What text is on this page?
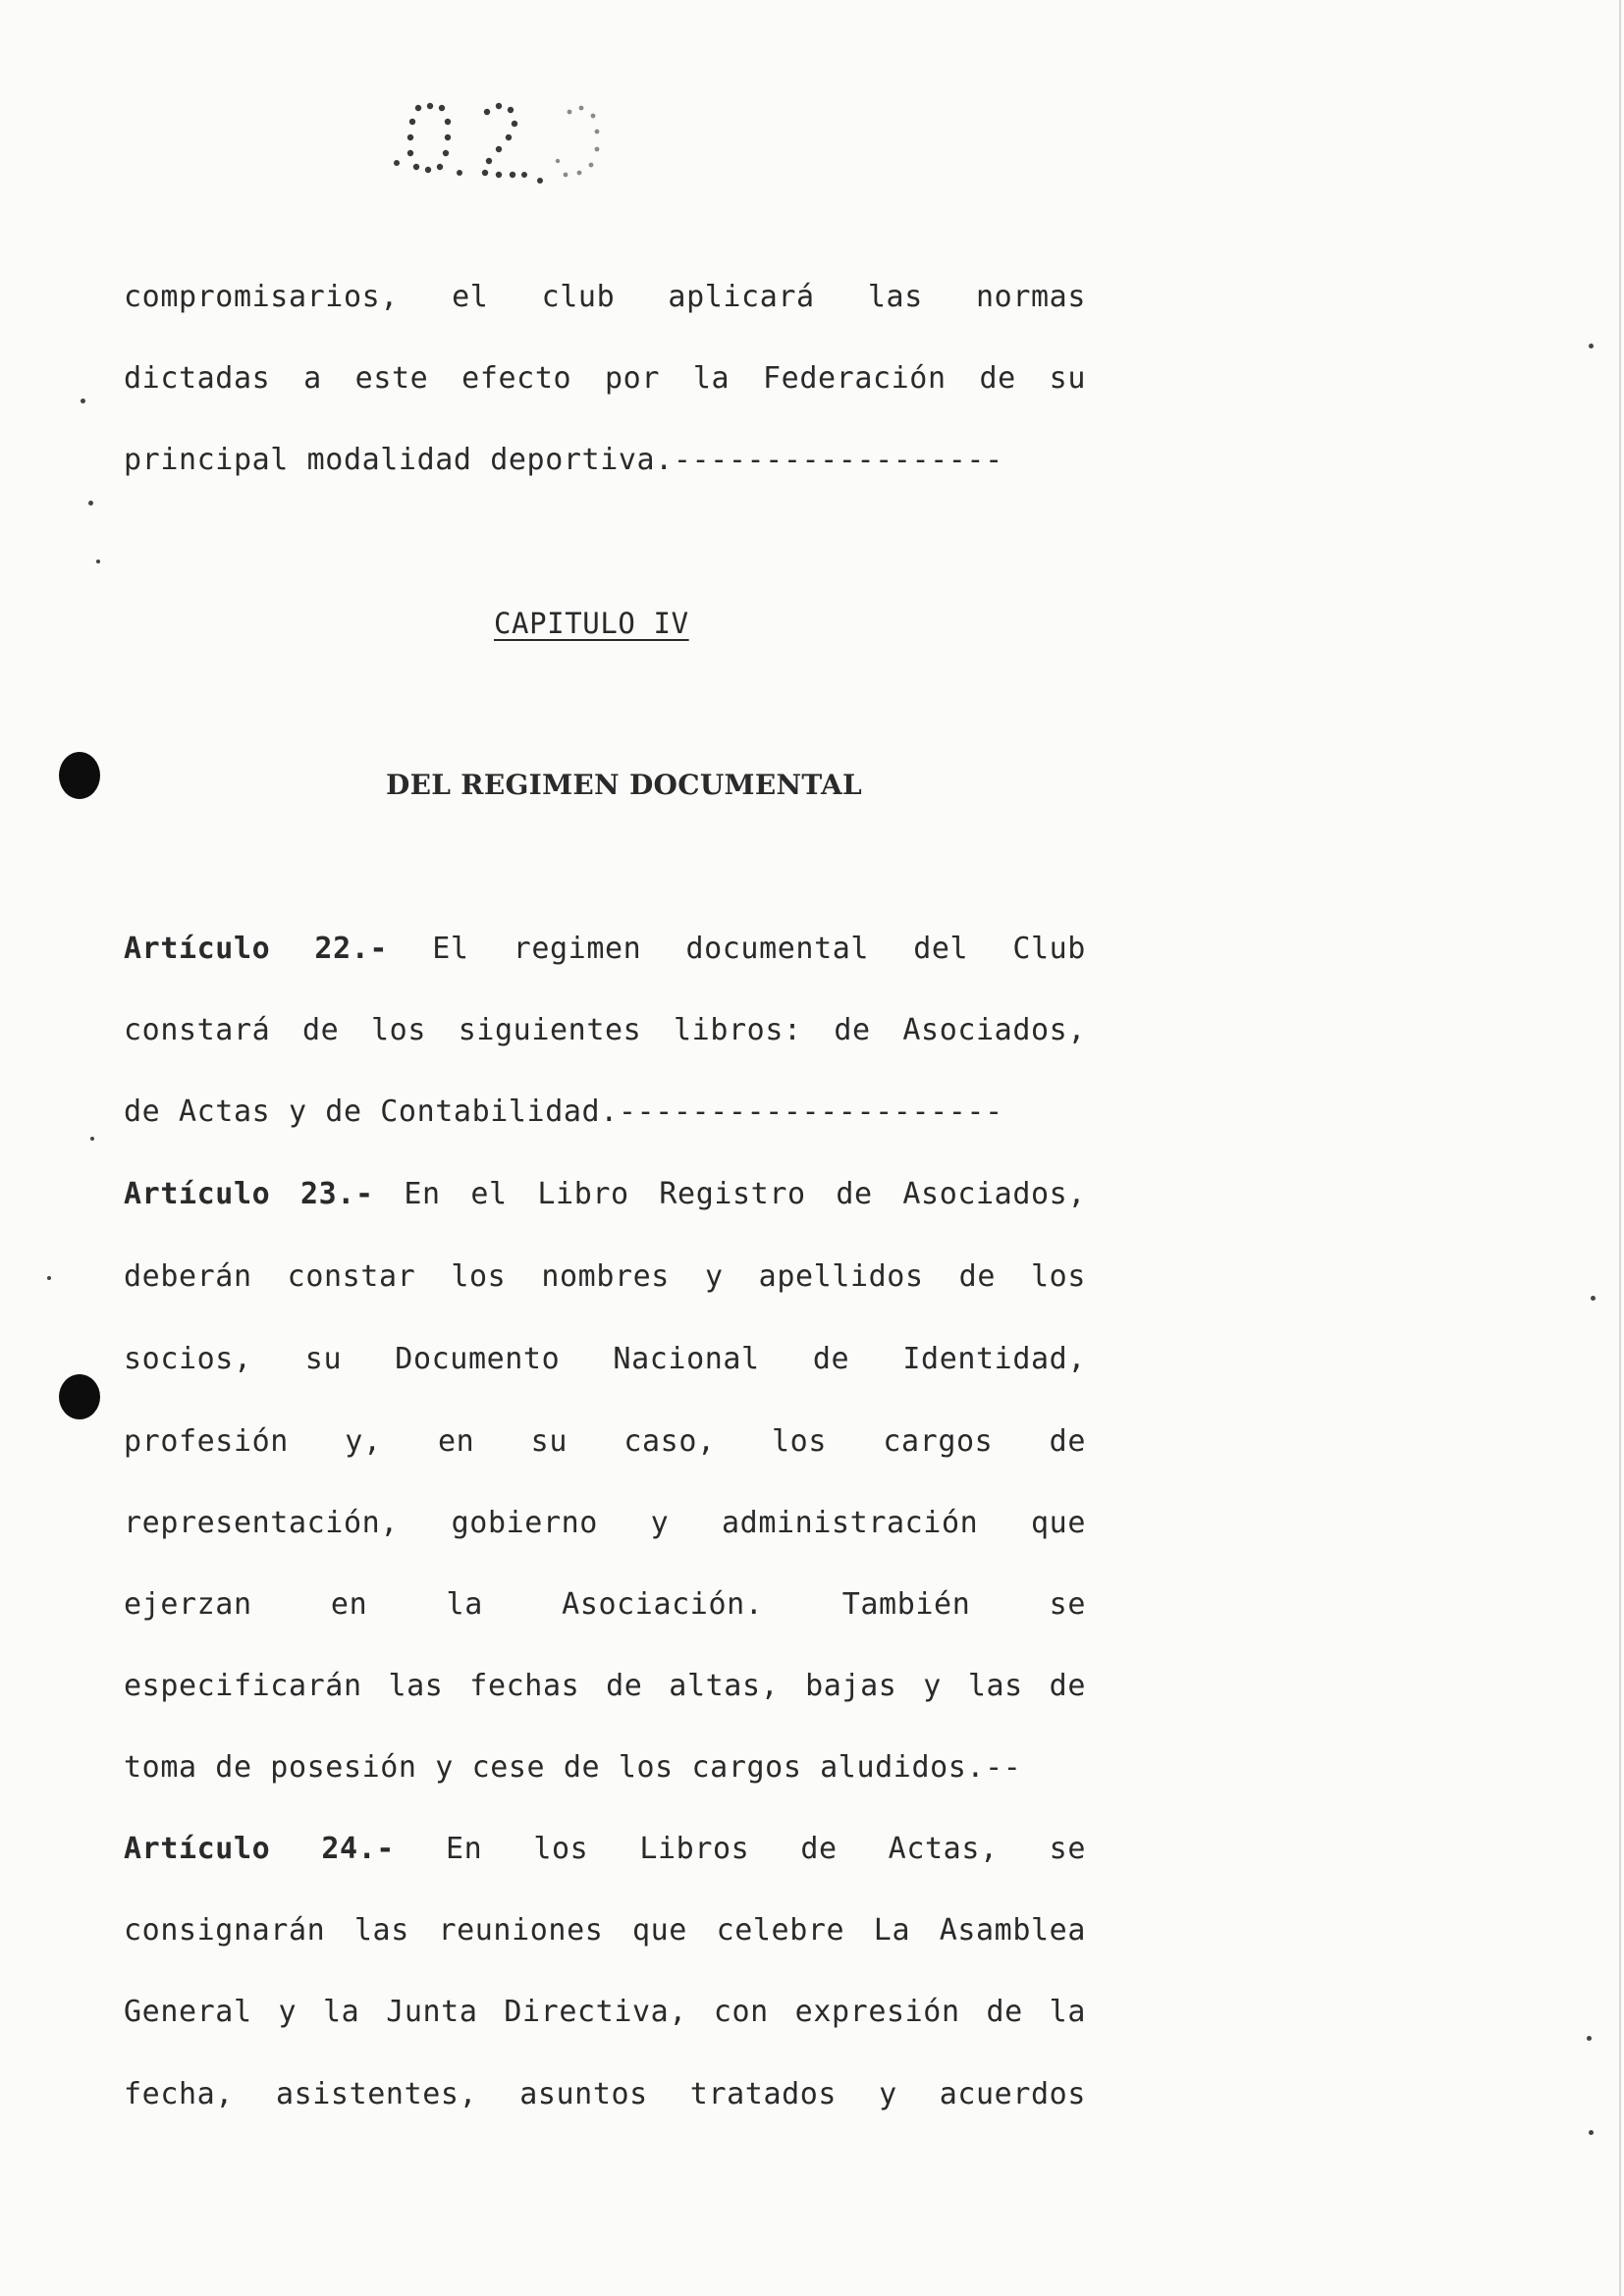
compromisarios, el club aplicará las normas
dictadas a este efecto por la Federación de su
principal modalidad deportiva.------------------
CAPITULO IV
DEL REGIMEN DOCUMENTAL
Artículo 22.- El regimen documental del Club
constará de los siguientes libros: de Asociados,
de Actas y de Contabilidad.---------------------
Artículo 23.- En el Libro Registro de Asociados,
deberán constar los nombres y apellidos de los
socios, su Documento Nacional de Identidad,
profesión y, en su caso, los cargos de
representación, gobierno y administración que
ejerzan en la Asociación. También se
especificarán las fechas de altas, bajas y las de
toma de posesión y cese de los cargos aludidos.--
Artículo 24.- En los Libros de Actas, se
consignarán las reuniones que celebre La Asamblea
General y la Junta Directiva, con expresión de la
fecha, asistentes, asuntos tratados y acuerdos
